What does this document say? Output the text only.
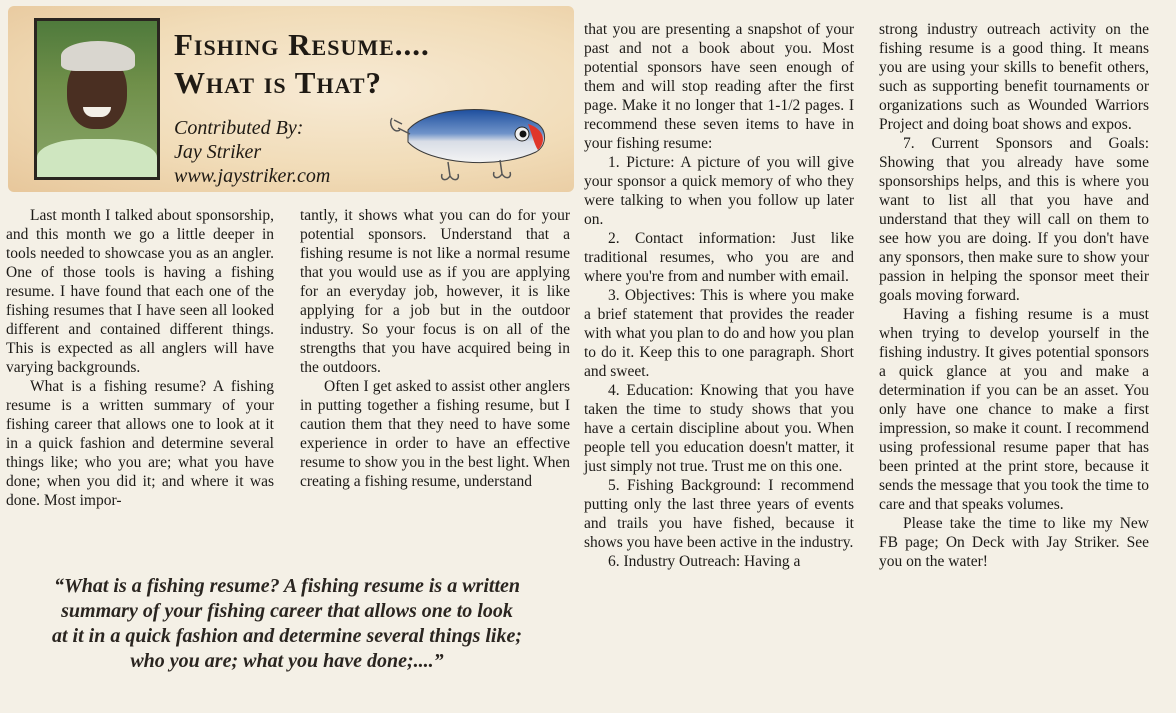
Fishing Resume....
What is That?
Contributed By:
Jay Striker
www.jaystriker.com

Last month I talked about sponsorship, and this month we go a little deeper in tools needed to showcase you as an angler. One of those tools is having a fishing resume. I have found that each one of the fishing resumes that I have seen all looked different and contained different things. This is expected as all anglers will have varying backgrounds.

What is a fishing resume? A fishing resume is a written summary of your fishing career that allows one to look at it in a quick fashion and determine several things like; who you are; what you have done; when you did it; and where it was done. Most impor-

tantly, it shows what you can do for your potential sponsors. Understand that a fishing resume is not like a normal resume that you would use as if you are applying for an everyday job, however, it is like applying for a job but in the outdoor industry. So your focus is on all of the strengths that you have acquired being in the outdoors.

Often I get asked to assist other anglers in putting together a fishing resume, but I caution them that they need to have some experience in order to have an effective resume to show you in the best light. When creating a fishing resume, understand

that you are presenting a snapshot of your past and not a book about you. Most potential sponsors have seen enough of them and will stop reading after the first page. Make it no longer that 1-1/2 pages. I recommend these seven items to have in your fishing resume:

1. Picture: A picture of you will give your sponsor a quick memory of who they were talking to when you follow up later on.

2. Contact information: Just like traditional resumes, who you are and where you're from and number with email.

3. Objectives: This is where you make a brief statement that provides the reader with what you plan to do and how you plan to do it. Keep this to one paragraph. Short and sweet.

4. Education: Knowing that you have taken the time to study shows that you have a certain discipline about you. When people tell you education doesn't matter, it just simply not true. Trust me on this one.

5. Fishing Background: I recommend putting only the last three years of events and trails you have fished, because it shows you have been active in the industry.

6. Industry Outreach: Having a

strong industry outreach activity on the fishing resume is a good thing. It means you are using your skills to benefit others, such as supporting benefit tournaments or organizations such as Wounded Warriors Project and doing boat shows and expos.

7. Current Sponsors and Goals: Showing that you already have some sponsorships helps, and this is where you want to list all that you have and understand that they will call on them to see how you are doing. If you don't have any sponsors, then make sure to show your passion in helping the sponsor meet their goals moving forward.

Having a fishing resume is a must when trying to develop yourself in the fishing industry. It gives potential sponsors a quick glance at you and make a determination if you can be an asset. You only have one chance to make a first impression, so make it count. I recommend using professional resume paper that has been printed at the print store, because it sends the message that you took the time to care and that speaks volumes.

Please take the time to like my New FB page; On Deck with Jay Striker. See you on the water!

“What is a fishing resume? A fishing resume is a written
summary of your fishing career that allows one to look
at it in a quick fashion and determine several things like;
who you are; what you have done;....”
